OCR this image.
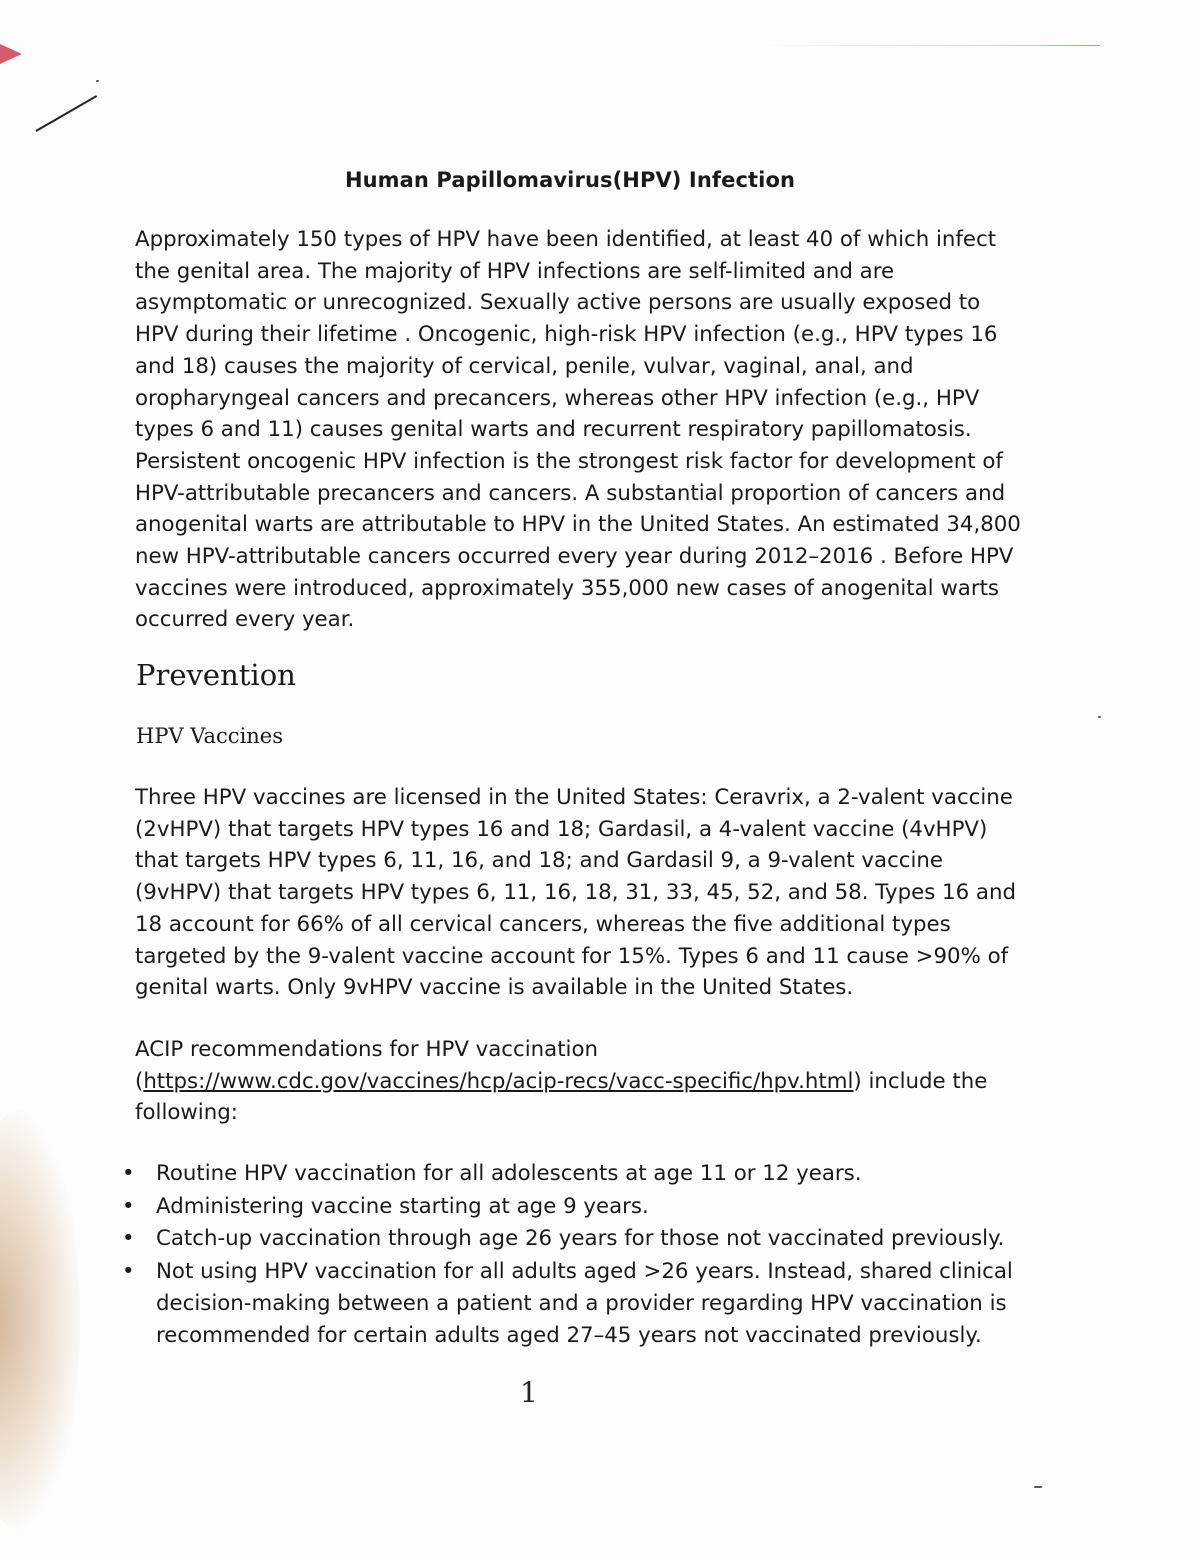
Human Papillomavirus(HPV) Infection
Approximately 150 types of HPV have been identified, at least 40 of which infect the genital area. The majority of HPV infections are self-limited and are asymptomatic or unrecognized. Sexually active persons are usually exposed to HPV during their lifetime . Oncogenic, high-risk HPV infection (e.g., HPV types 16 and 18) causes the majority of cervical, penile, vulvar, vaginal, anal, and oropharyngeal cancers and precancers, whereas other HPV infection (e.g., HPV types 6 and 11) causes genital warts and recurrent respiratory papillomatosis. Persistent oncogenic HPV infection is the strongest risk factor for development of HPV-attributable precancers and cancers. A substantial proportion of cancers and anogenital warts are attributable to HPV in the United States. An estimated 34,800 new HPV-attributable cancers occurred every year during 2012–2016 . Before HPV vaccines were introduced, approximately 355,000 new cases of anogenital warts occurred every year.
Prevention
HPV Vaccines
Three HPV vaccines are licensed in the United States: Ceravrix, a 2-valent vaccine (2vHPV) that targets HPV types 16 and 18; Gardasil, a 4-valent vaccine (4vHPV) that targets HPV types 6, 11, 16, and 18; and Gardasil 9, a 9-valent vaccine (9vHPV) that targets HPV types 6, 11, 16, 18, 31, 33, 45, 52, and 58. Types 16 and 18 account for 66% of all cervical cancers, whereas the five additional types targeted by the 9-valent vaccine account for 15%. Types 6 and 11 cause >90% of genital warts. Only 9vHPV vaccine is available in the United States.
ACIP recommendations for HPV vaccination
(https://www.cdc.gov/vaccines/hcp/acip-recs/vacc-specific/hpv.html) include the following:
• Routine HPV vaccination for all adolescents at age 11 or 12 years.
• Administering vaccine starting at age 9 years.
• Catch-up vaccination through age 26 years for those not vaccinated previously.
• Not using HPV vaccination for all adults aged >26 years. Instead, shared clinical decision-making between a patient and a provider regarding HPV vaccination is recommended for certain adults aged 27–45 years not vaccinated previously.
1
